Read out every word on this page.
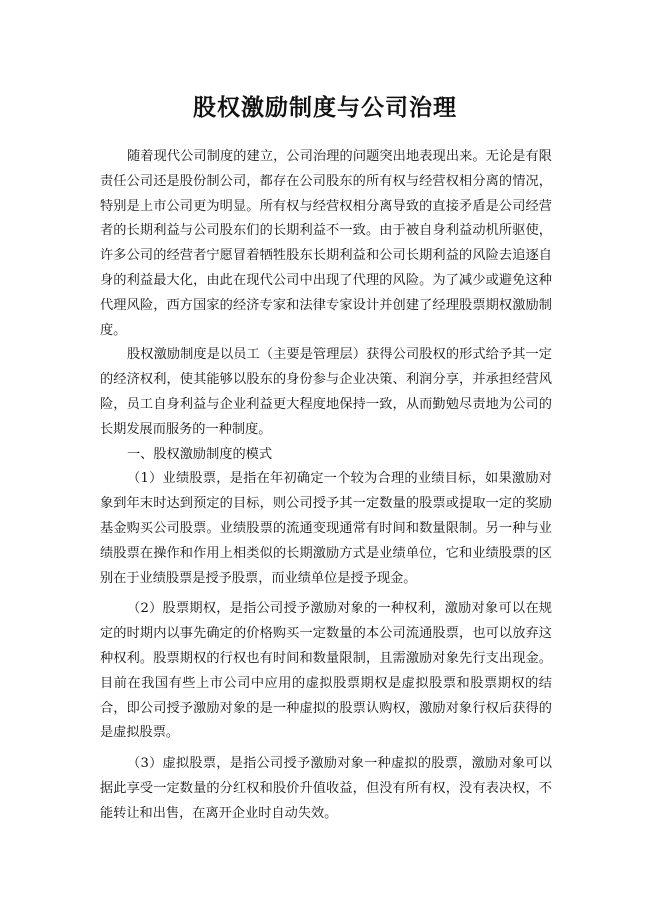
股权激励制度与公司治理

随着现代公司制度的建立，公司治理的问题突出地表现出来。无论是有限责任公司还是股份制公司，都存在公司股东的所有权与经营权相分离的情况，特别是上市公司更为明显。所有权与经营权相分离导致的直接矛盾是公司经营者的长期利益与公司股东们的长期利益不一致。由于被自身利益动机所驱使，许多公司的经营者宁愿冒着牺牲股东长期利益和公司长期利益的风险去追逐自身的利益最大化，由此在现代公司中出现了代理的风险。为了减少或避免这种代理风险，西方国家的经济专家和法律专家设计并创建了经理股票期权激励制度。

股权激励制度是以员工（主要是管理层）获得公司股权的形式给予其一定的经济权利，使其能够以股东的身份参与企业决策、利润分享，并承担经营风险，员工自身利益与企业利益更大程度地保持一致，从而勤勉尽责地为公司的长期发展而服务的一种制度。

一、股权激励制度的模式

（1）业绩股票，是指在年初确定一个较为合理的业绩目标，如果激励对象到年末时达到预定的目标，则公司授予其一定数量的股票或提取一定的奖励基金购买公司股票。业绩股票的流通变现通常有时间和数量限制。另一种与业绩股票在操作和作用上相类似的长期激励方式是业绩单位，它和业绩股票的区别在于业绩股票是授予股票，而业绩单位是授予现金。

（2）股票期权，是指公司授予激励对象的一种权利，激励对象可以在规定的时期内以事先确定的价格购买一定数量的本公司流通股票，也可以放弃这种权利。股票期权的行权也有时间和数量限制，且需激励对象先行支出现金。目前在我国有些上市公司中应用的虚拟股票期权是虚拟股票和股票期权的结合，即公司授予激励对象的是一种虚拟的股票认购权，激励对象行权后获得的是虚拟股票。

（3）虚拟股票，是指公司授予激励对象一种虚拟的股票，激励对象可以据此享受一定数量的分红权和股价升值收益，但没有所有权，没有表决权，不能转让和出售，在离开企业时自动失效。
